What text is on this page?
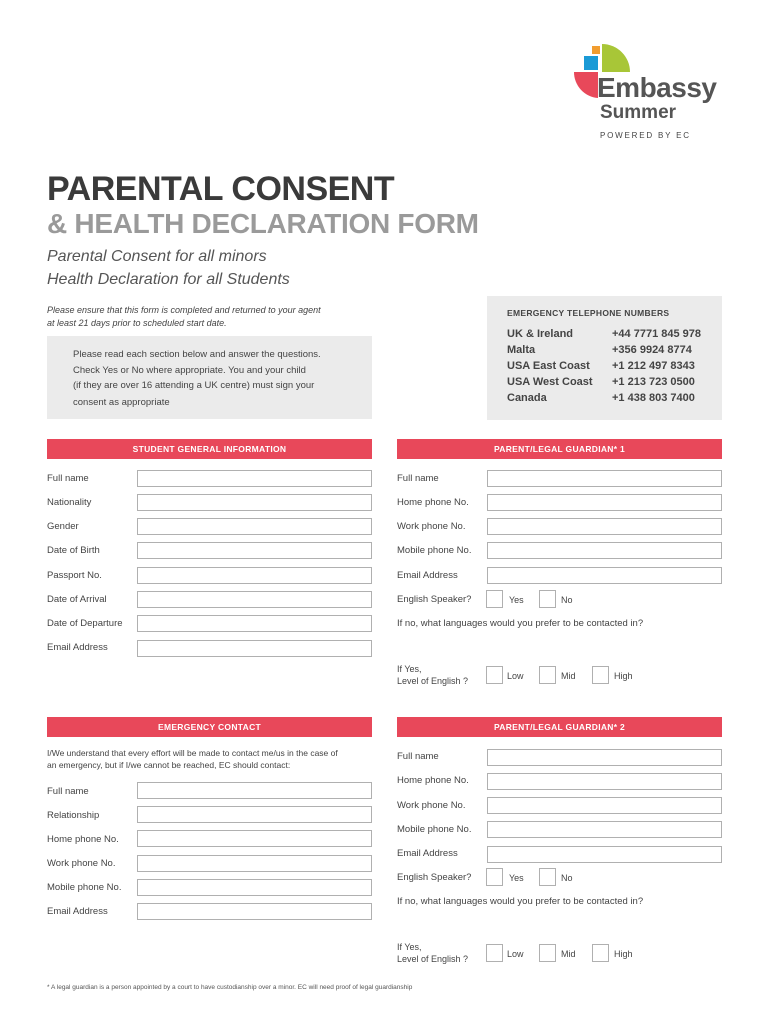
Embassy
Summer
POWERED BY EC
PARENTAL CONSENT
& HEALTH DECLARATION FORM
Parental Consent for all minors
Health Declaration for all Students
Please ensure that this form is completed and returned to your agent
at least 21 days prior to scheduled start date.
Please read each section below and answer the questions.
Check Yes or No where appropriate. You and your child
(if they are over 16 attending a UK centre) must sign your
consent as appropriate
EMERGENCY TELEPHONE NUMBERS
UK & Ireland	+44 7771 845 978
Malta	+356 9924 8774
USA East Coast +1 212 497 8343
USA West Coast +1 213 723 0500
Canada	+1 438 803 7400
STUDENT GENERAL INFORMATION
Full name
Nationality
Gender
Date of Birth
Passport No.
Date of Arrival
Date of Departure
Email Address
PARENT/LEGAL GUARDIAN* 1
Full name
Home phone No.
Work phone No.
Mobile phone No.
Email Address
English Speaker?	Yes	No
If no, what languages would you prefer to be contacted in?
If Yes,
Level of English ?	Low	Mid	High
EMERGENCY CONTACT
I/We understand that every effort will be made to contact me/us in the case of
an emergency, but if I/we cannot be reached, EC should contact:
Full name
Relationship
Home phone No.
Work phone No.
Mobile phone No.
Email Address
PARENT/LEGAL GUARDIAN* 2
Full name
Home phone No.
Work phone No.
Mobile phone No.
Email Address
English Speaker?	Yes	No
If no, what languages would you prefer to be contacted in?
If Yes,
Level of English ?	Low	Mid	High
* A legal guardian is a person appointed by a court to have custodianship over a minor. EC will need proof of legal guardianship
